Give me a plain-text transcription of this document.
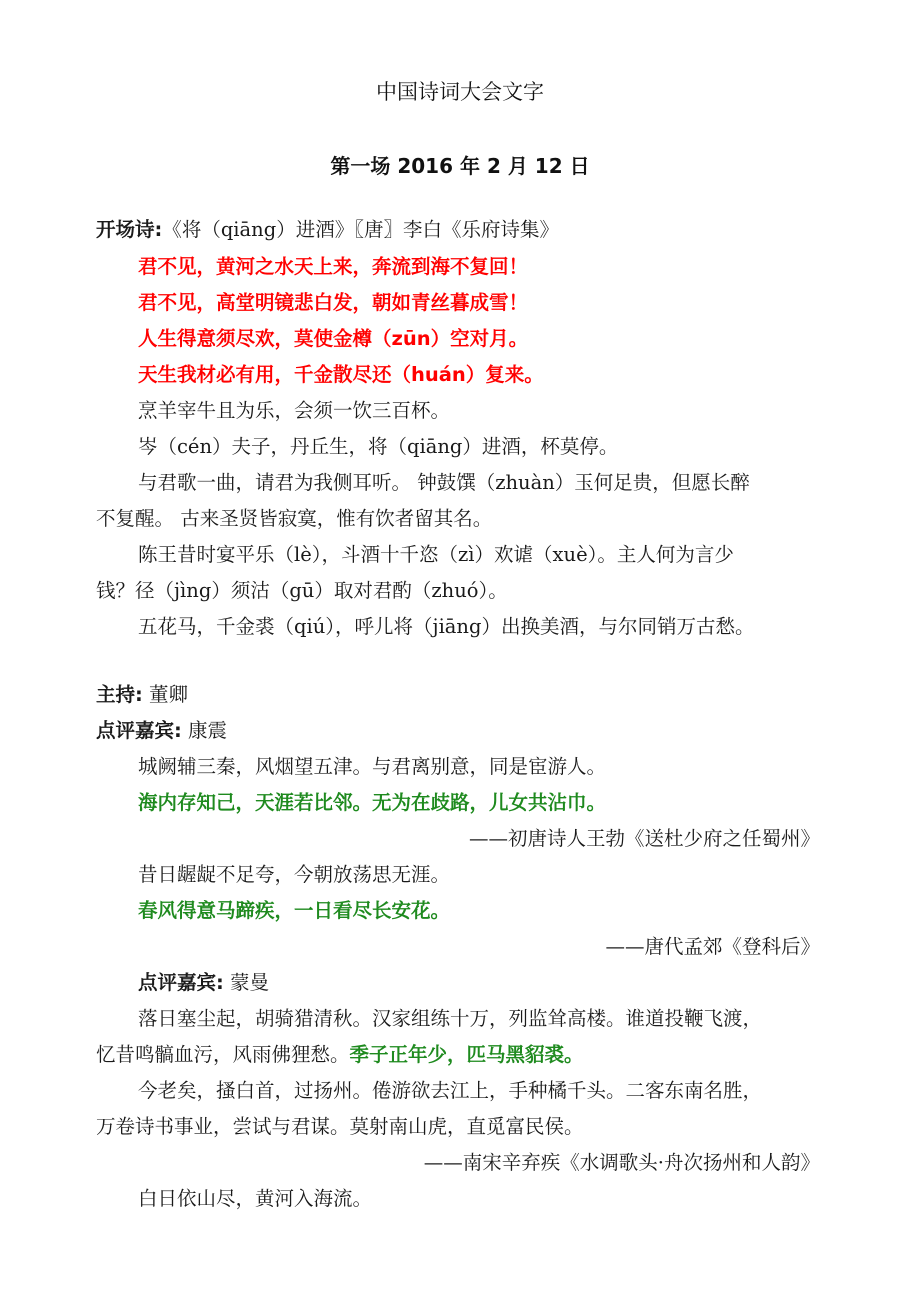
中国诗词大会文字
第一场 2016 年 2 月 12 日
开场诗:《将（qiāng）进酒》〖唐〗李白《乐府诗集》
君不见，黄河之水天上来，奔流到海不复回！
君不见，高堂明镜悲白发，朝如青丝暮成雪！
人生得意须尽欢，莫使金樽（zūn）空对月。
天生我材必有用，千金散尽还（huán）复来。
烹羊宰牛且为乐，会须一饮三百杯。
岑（cén）夫子，丹丘生，将（qiāng）进酒，杯莫停。
与君歌一曲，请君为我侧耳听。 钟鼓馔（zhuàn）玉何足贵，但愿长醉
不复醒。 古来圣贤皆寂寞，惟有饮者留其名。
陈王昔时宴平乐（lè），斗酒十千恣（zì）欢谑（xuè）。主人何为言少
钱？径（jìng）须沽（gū）取对君酌（zhuó）。
五花马，千金裘（qiú），呼儿将（jiāng）出换美酒，与尔同销万古愁。
主持: 董卿
点评嘉宾: 康震
城阙辅三秦，风烟望五津。与君离别意，同是宦游人。
海内存知己，天涯若比邻。无为在歧路，儿女共沾巾。
——初唐诗人王勃《送杜少府之任蜀州》
昔日龌龊不足夸，今朝放荡思无涯。
春风得意马蹄疾，一日看尽长安花。
——唐代孟郊《登科后》
点评嘉宾: 蒙曼
落日塞尘起，胡骑猎清秋。汉家组练十万，列监耸高楼。谁道投鞭飞渡，
忆昔鸣髇血污，风雨佛狸愁。季子正年少，匹马黑貂裘。
今老矣，搔白首，过扬州。倦游欲去江上，手种橘千头。二客东南名胜，
万卷诗书事业，尝试与君谋。莫射南山虎，直觅富民侯。
——南宋辛弃疾《水调歌头·舟次扬州和人韵》
白日依山尽，黄河入海流。
